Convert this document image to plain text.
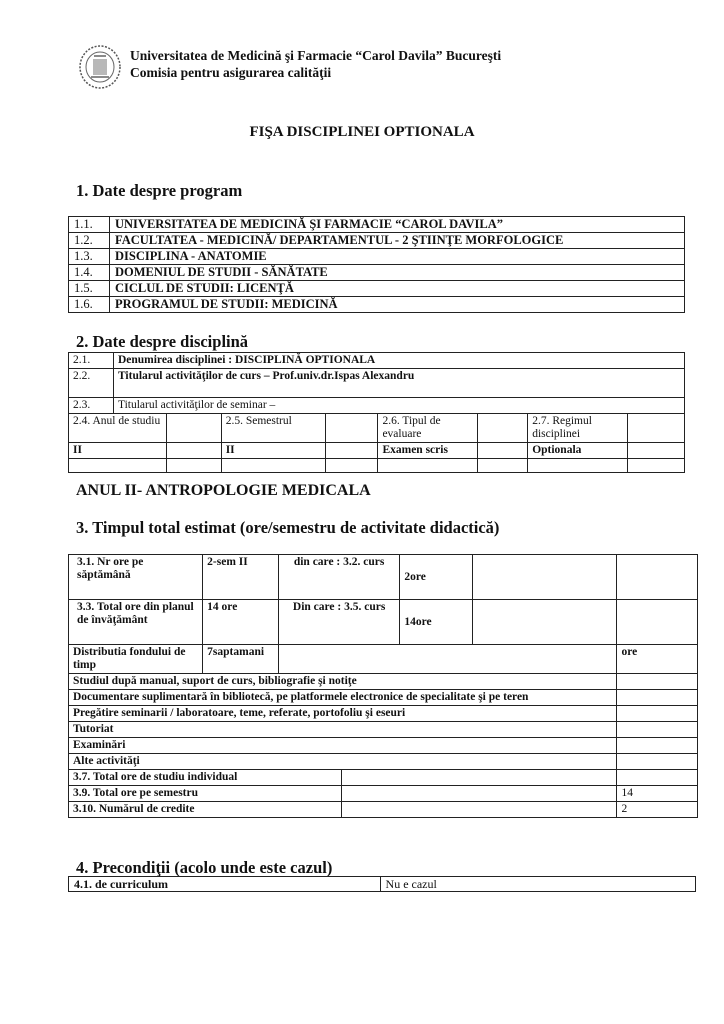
Universitatea de Medicină şi Farmacie “Carol Davila” Bucureşti
Comisia pentru asigurarea calităţii
FIŞA DISCIPLINEI OPTIONALA
1. Date despre program
1.1.	UNIVERSITATEA DE MEDICINĂ ŞI FARMACIE “CAROL DAVILA”
1.2.	FACULTATEA - MEDICINĂ/ DEPARTAMENTUL - 2 ŞTIINŢE MORFOLOGICE
1.3.	DISCIPLINA - ANATOMIE
1.4.	DOMENIUL DE STUDII - SĂNĂTATE
1.5.	CICLUL DE STUDII: LICENŢĂ
1.6.	PROGRAMUL DE STUDII: MEDICINĂ
2. Date despre disciplină
2.1.	Denumirea disciplinei : DISCIPLINĂ OPTIONALA							
2.2.	Titularul activităţilor de curs – Prof.univ.dr.Ispas Alexandru							
2.3.	Titularul activităţilor de seminar –							
2.4. Anul de studiu			2.5. Semestrul		2.6. Tipul de evaluare		2.7. Regimul disciplinei	
II			II		Examen scris		Optionala	

ANUL II- ANTROPOLOGIE MEDICALA
3. Timpul total estimat (ore/semestru de activitate didactică)
3.1. Nr ore pe săptămână	2-sem II	din care : 3.2. curs		2ore		
3.3. Total ore din planul de învăţământ	14 ore	Din care : 3.5. curs		14ore		
Distributia fondului de timp	7saptamani					ore
Studiul după manual, suport de curs, bibliografie şi notiţe						
Documentare suplimentară în bibliotecă, pe platformele electronice de specialitate şi pe teren						
Pregătire seminarii / laboratoare, teme, referate, portofoliu şi eseuri						
Tutoriat						
Examinări						
Alte activităţi						
3.7. Total ore de studiu individual						
3.9. Total ore pe semestru						14
3.10. Numărul de credite						2
4. Precondiţii (acolo unde este cazul)
4.1. de curriculum	Nu e cazul
